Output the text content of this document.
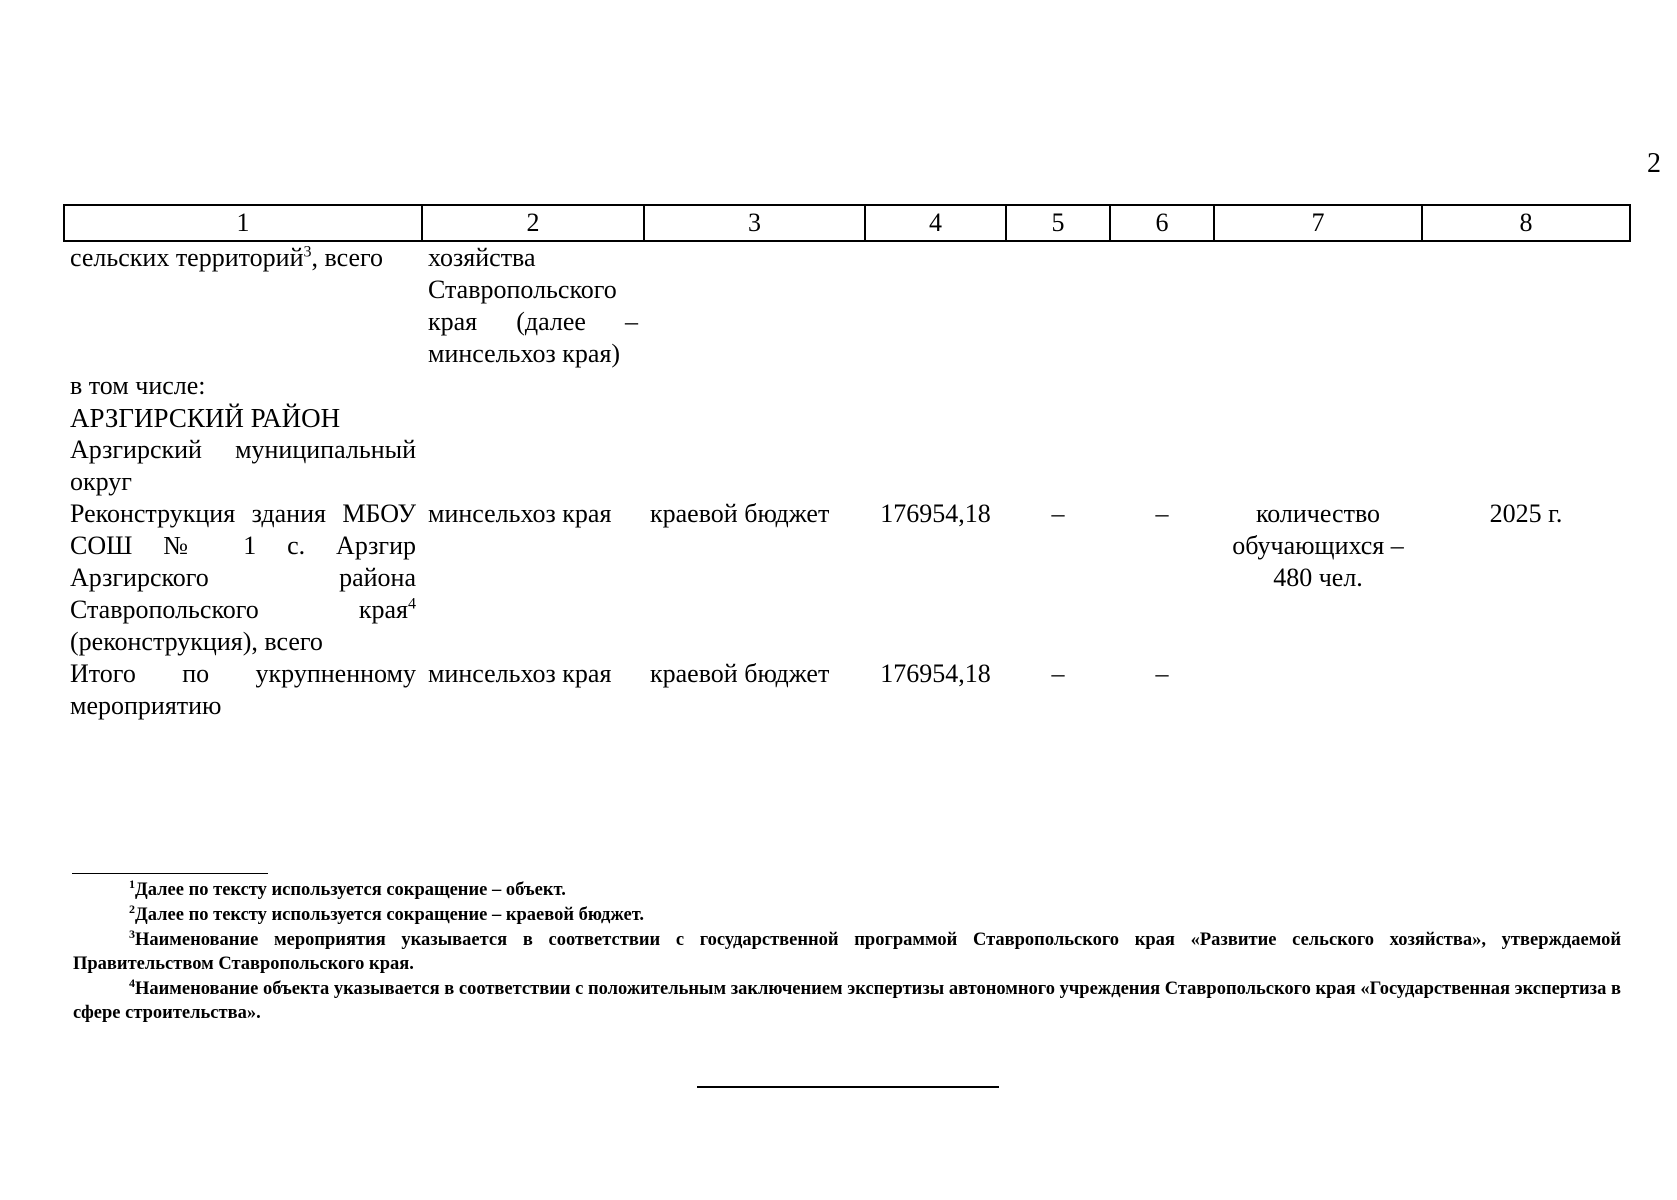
2
1	2	3	4	5	6	7	8
сельских территорий$^3$, всего	хозяйства Ставропольского края (далее – минсельхоз края)						
в том числе:							
АРЗГИРСКИЙ РАЙОН							
Арзгирский муниципальный округ							
Реконструкция здания МБОУ СОШ № 1 с. Арзгир Арзгирского района Ставропольского края$^4$ (реконструкция), всего	минсельхоз края	краевой бюджет	176954,18	–	–	количество обучающихся – 480 чел.	2025 г.
Итого по укрупненному мероприятию	минсельхоз края	краевой бюджет	176954,18	–	–		

$^1$Далее по тексту используется сокращение – объект.

$^2$Далее по тексту используется сокращение – краевой бюджет.

$^3$Наименование мероприятия указывается в соответствии с государственной программой Ставропольского края «Развитие сельского хозяйства», утверждаемой Правительством Ставропольского края.

$^4$Наименование объекта указывается в соответствии с положительным заключением экспертизы автономного учреждения Ставропольского края «Государственная экспертиза в сфере строительства».
